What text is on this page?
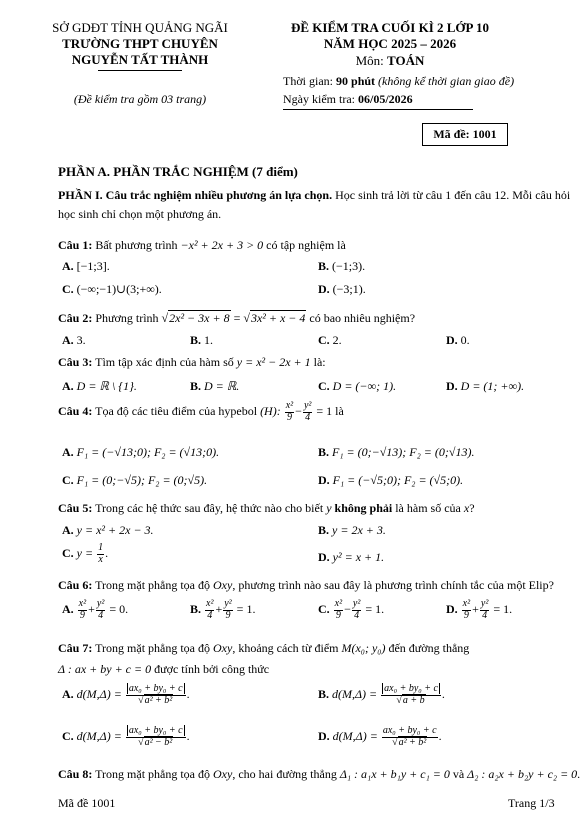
SỞ GDĐT TỈNH QUẢNG NGÃI
TRƯỜNG THPT CHUYÊN
NGUYỄN TẤT THÀNH
(Đề kiểm tra gồm 03 trang)
ĐỀ KIỂM TRA CUỐI KÌ 2 LỚP 10
NĂM HỌC 2025 – 2026
Môn: TOÁN
Thời gian: 90 phút (không kể thời gian giao đề)
Ngày kiểm tra: 06/05/2026
Mã đề: 1001
PHẦN A. PHẦN TRẮC NGHIỆM (7 điểm)
PHẦN I. Câu trắc nghiệm nhiều phương án lựa chọn. Học sinh trả lời từ câu 1 đến câu 12. Mỗi câu hỏi
học sinh chỉ chọn một phương án.
Câu 1: Bất phương trình −x² + 2x + 3 > 0 có tập nghiệm là
A. [−1;3].	B. (−1;3).
C. (−∞;−1)∪(3;+∞).	D. (−3;1).
Câu 2: Phương trình √2x² − 3x + 8 = √3x² + x − 4 có bao nhiêu nghiệm?
A. 3.	B. 1.	C. 2.	D. 0.
Câu 3: Tìm tập xác định của hàm số y = x² − 2x + 1 là:
A. D = ℝ \ {1}.	B. D = ℝ.	C. D = (−∞; 1).	D. D = (1; +∞).
Câu 4: Tọa độ các tiêu điểm của hypebol (H): $\frac{\text{x²}}{9} - \frac{\text{y²}}{4} = 1$ là
A. F₁ = (−√13;0); F₂ = (√13;0).	B. F₁ = (0;−√13); F₂ = (0;√13).
C. F₁ = (0;−√5); F₂ = (0;√5).	D. F₁ = (−√5;0); F₂ = (√5;0).
Câu 5: Trong các hệ thức sau đây, hệ thức nào cho biết y không phải là hàm số của x?
A. y = x² + 2x − 3.	B. y = 2x + 3.
C. $y = \frac{1}{x}$ .	D. y² = x + 1.
Câu 6: Trong mặt phẳng tọa độ Oxy, phương trình nào sau đây là phương trình chính tắc của một Elip?
A. $\frac{\text{x²}}{9} + \frac{\text{y²}}{4} = 0$.	B. $\frac{\text{x²}}{4} + \frac{\text{y²}}{9} = 1$.	C. $\frac{\text{x²}}{9} - \frac{\text{y²}}{4} = 1$.	D. $\frac{\text{x²}}{9} + \frac{\text{y²}}{4} = 1$.
Câu 7: Trong mặt phẳng tọa độ Oxy, khoảng cách từ điểm M(x₀; y₀) đến đường thẳng
Δ : ax + by + c = 0 được tính bởi công thức
A. $d(M,\Delta) = \frac{\text{ax₀ + by₀ + c}}{\text{√a² + b²}}$ .	B. $d(M,\Delta) = \frac{\text{ax₀ + by₀ + c}}{√a + b}$ .
C. $d(M,\Delta) = \frac{\text{ax₀ + by₀ + c}}{\text{√a² − b²}}$ .	D. $d(M,\Delta) = \frac{\text{ax₀ + by₀ + c}}{\text{√a² + b²}}$ .
Câu 8: Trong mặt phẳng tọa độ Oxy, cho hai đường thẳng Δ₁ : a₁x + b₁y + c₁ = 0 và Δ₂ : a₂x + b₂y + c₂ = 0.
Mã đề 1001	Trang 1/3
